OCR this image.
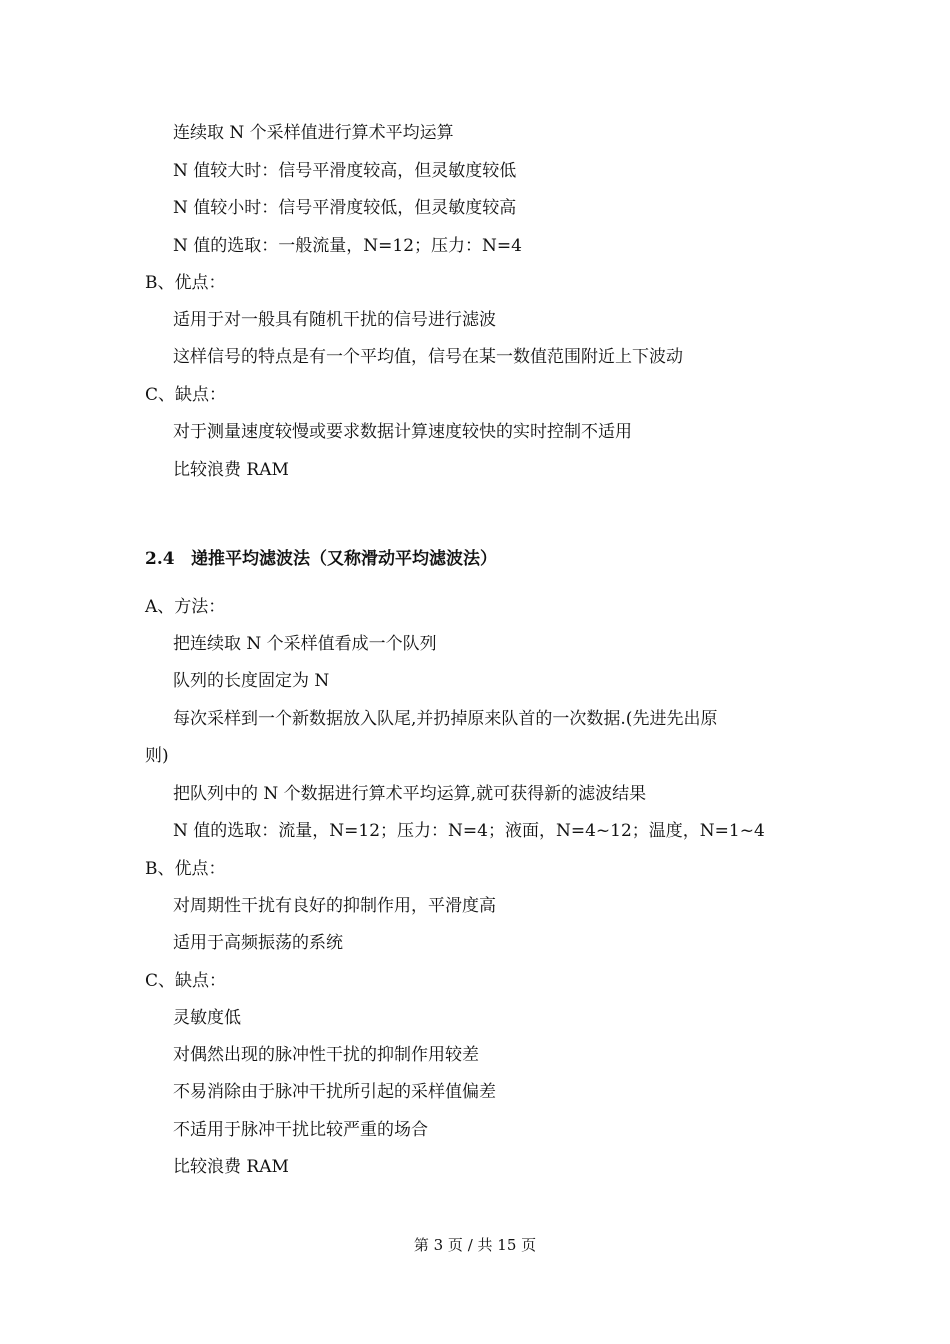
连续取 N 个采样值进行算术平均运算
N 值较大时：信号平滑度较高，但灵敏度较低
N 值较小时：信号平滑度较低，但灵敏度较高
N 值的选取：一般流量，N=12；压力：N=4
B、优点：
适用于对一般具有随机干扰的信号进行滤波
这样信号的特点是有一个平均值，信号在某一数值范围附近上下波动
C、缺点：
对于测量速度较慢或要求数据计算速度较快的实时控制不适用
比较浪费 RAM
2.4 递推平均滤波法（又称滑动平均滤波法）
A、方法：
把连续取 N 个采样值看成一个队列
队列的长度固定为 N
每次采样到一个新数据放入队尾,并扔掉原来队首的一次数据.(先进先出原
则)
把队列中的 N 个数据进行算术平均运算,就可获得新的滤波结果
N 值的选取：流量，N=12；压力：N=4；液面，N=4~12；温度，N=1~4
B、优点：
对周期性干扰有良好的抑制作用，平滑度高
适用于高频振荡的系统
C、缺点：
灵敏度低
对偶然出现的脉冲性干扰的抑制作用较差
不易消除由于脉冲干扰所引起的采样值偏差
不适用于脉冲干扰比较严重的场合
比较浪费 RAM
第 3 页 / 共 15 页
